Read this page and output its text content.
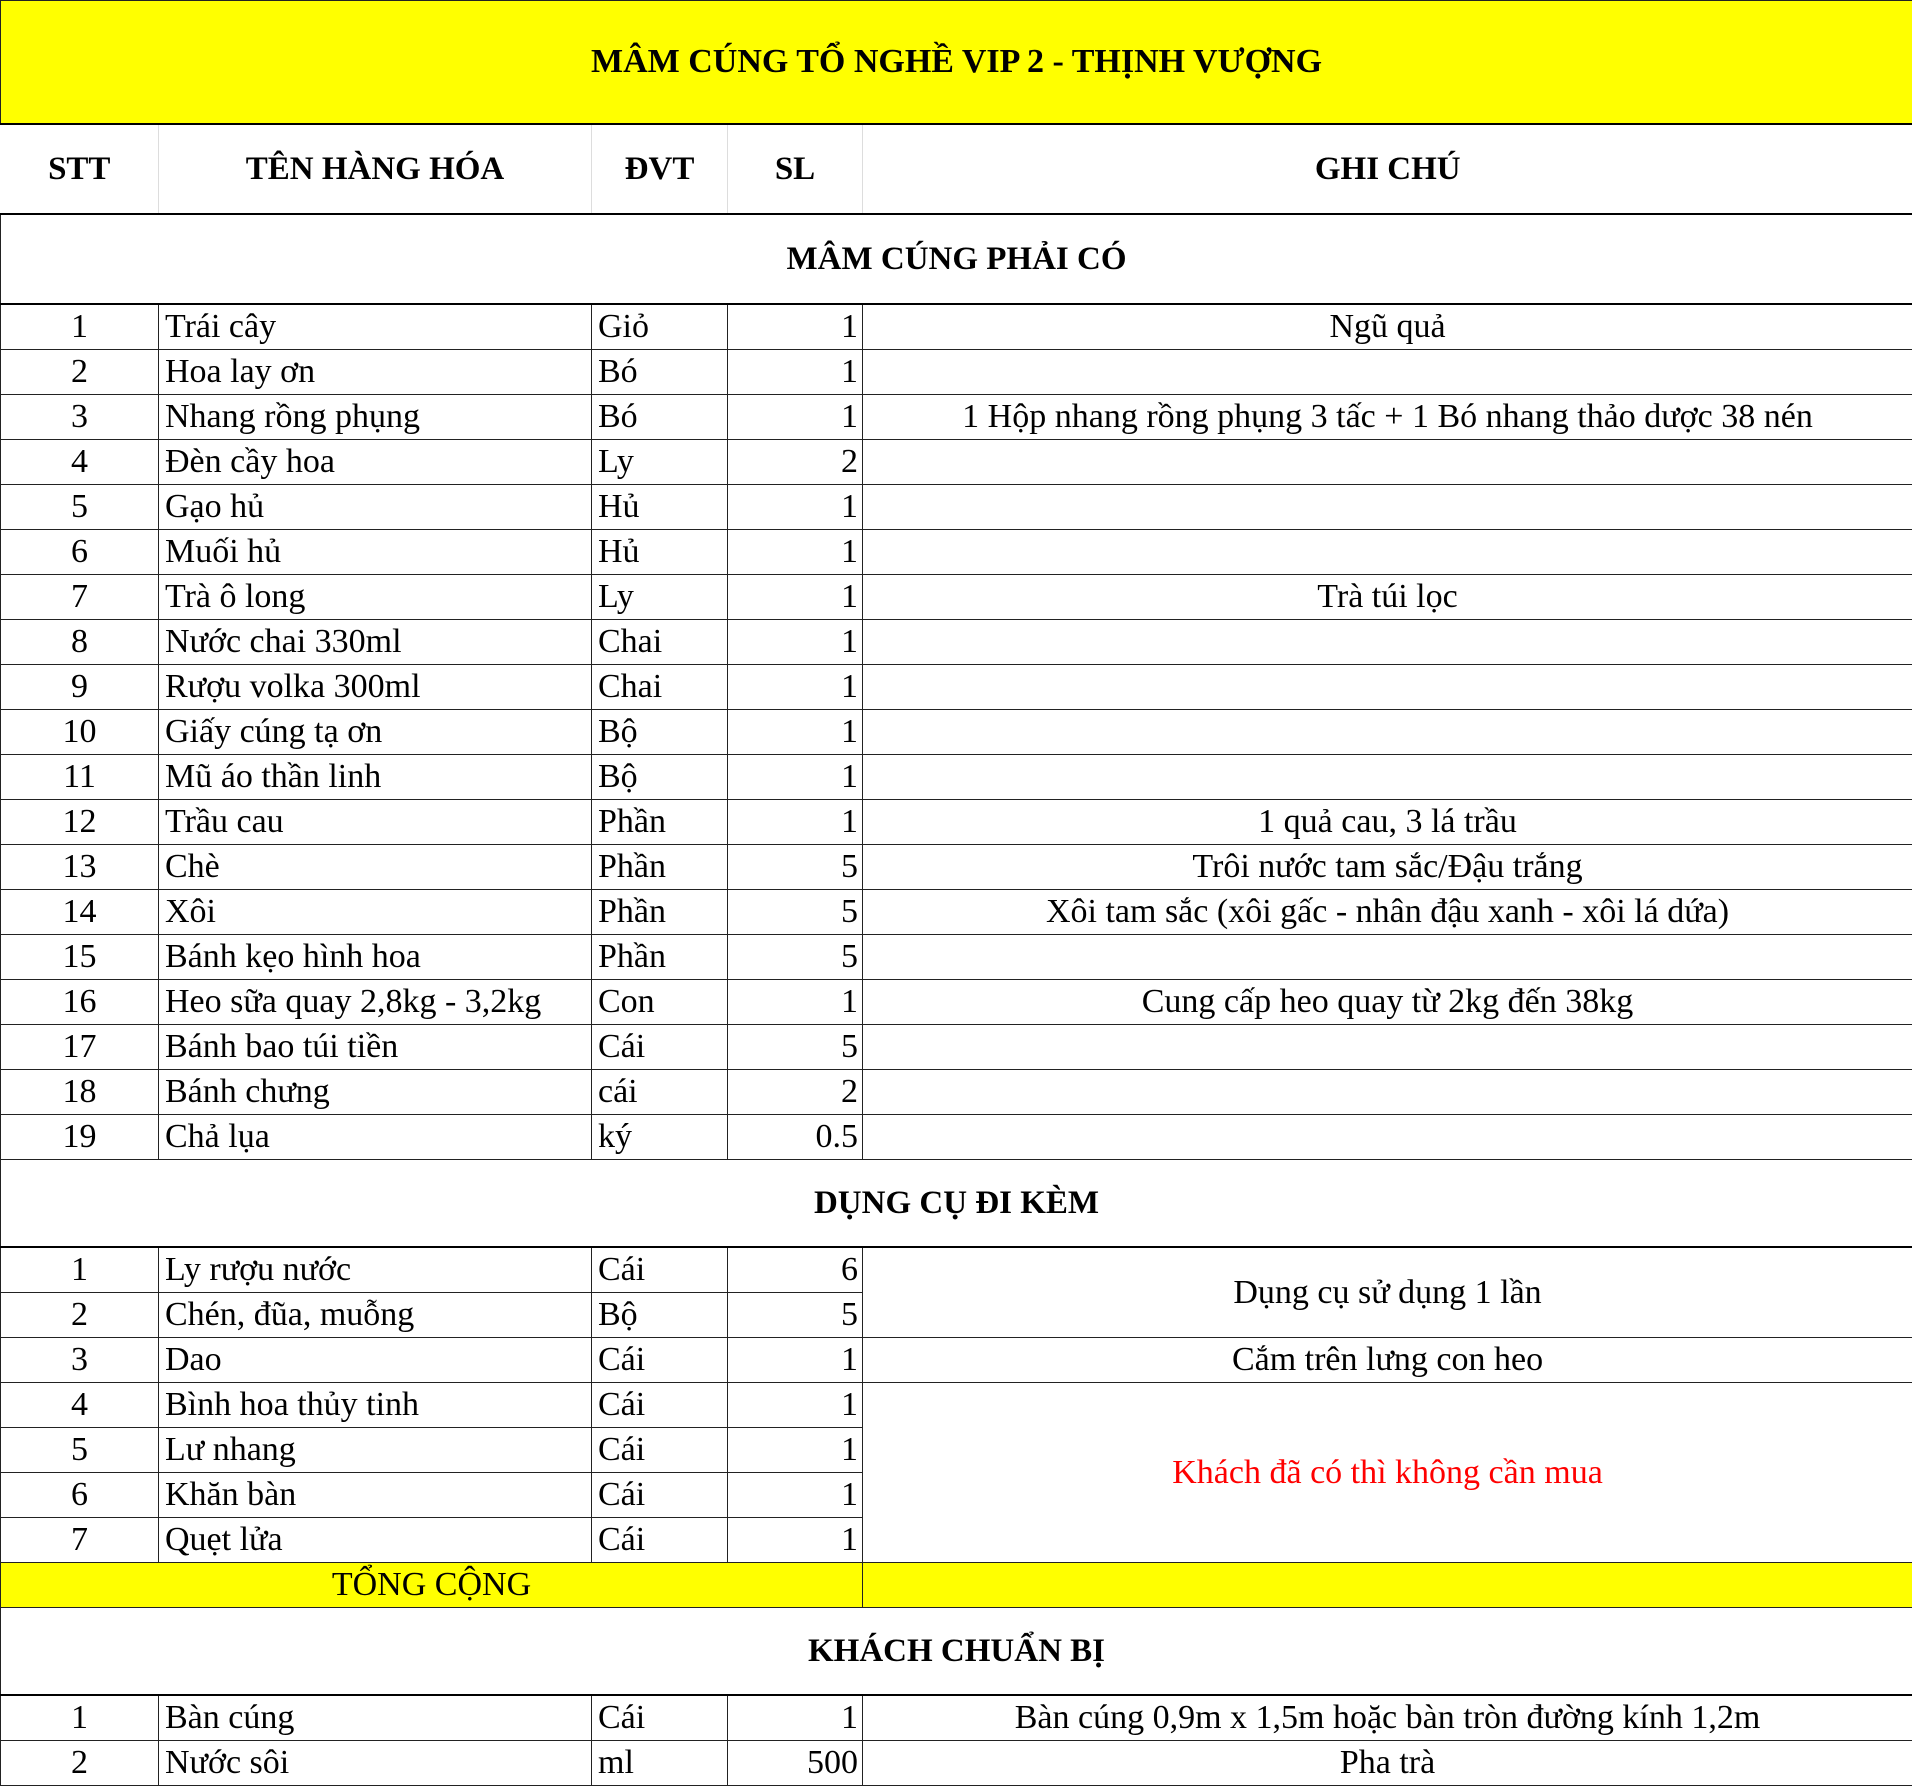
MÂM CÚNG TỔ NGHỀ VIP 2 - THỊNH VƯỢNG				
STT	TÊN HÀNG HÓA	ĐVT	SL	GHI CHÚ
MÂM CÚNG PHẢI CÓ				
1	Trái cây	Giỏ	1	Ngũ quả
2	Hoa lay ơn	Bó	1	
3	Nhang rồng phụng	Bó	1	1 Hộp nhang rồng phụng 3 tấc + 1 Bó nhang thảo dược 38 nén
4	Đèn cầy hoa	Ly	2	
5	Gạo hủ	Hủ	1	
6	Muối hủ	Hủ	1	
7	Trà ô long	Ly	1	Trà túi lọc
8	Nước chai 330ml	Chai	1	
9	Rượu volka 300ml	Chai	1	
10	Giấy cúng tạ ơn	Bộ	1	
11	Mũ áo thần linh	Bộ	1	
12	Trầu cau	Phần	1	1 quả cau, 3 lá trầu
13	Chè	Phần	5	Trôi nước tam sắc/Đậu trắng
14	Xôi	Phần	5	Xôi tam sắc (xôi gấc - nhân đậu xanh - xôi lá dứa)
15	Bánh kẹo hình hoa	Phần	5	
16	Heo sữa quay 2,8kg - 3,2kg	Con	1	Cung cấp heo quay từ 2kg đến 38kg
17	Bánh bao túi tiền	Cái	5	
18	Bánh chưng	cái	2	
19	Chả lụa	ký	0.5	
DỤNG CỤ ĐI KÈM				
1	Ly rượu nước	Cái	6	Dụng cụ sử dụng 1 lần
2	Chén, đũa, muỗng	Bộ	5	
3	Dao	Cái	1	Cắm trên lưng con heo
4	Bình hoa thủy tinh	Cái	1	Khách đã có thì không cần mua
5	Lư nhang	Cái	1	
6	Khăn bàn	Cái	1	
7	Quẹt lửa	Cái	1	
TỔNG CỘNG				
KHÁCH CHUẨN BỊ				
1	Bàn cúng	Cái	1	Bàn cúng 0,9m x 1,5m hoặc bàn tròn đường kính 1,2m
2	Nước sôi	ml	500	Pha trà
